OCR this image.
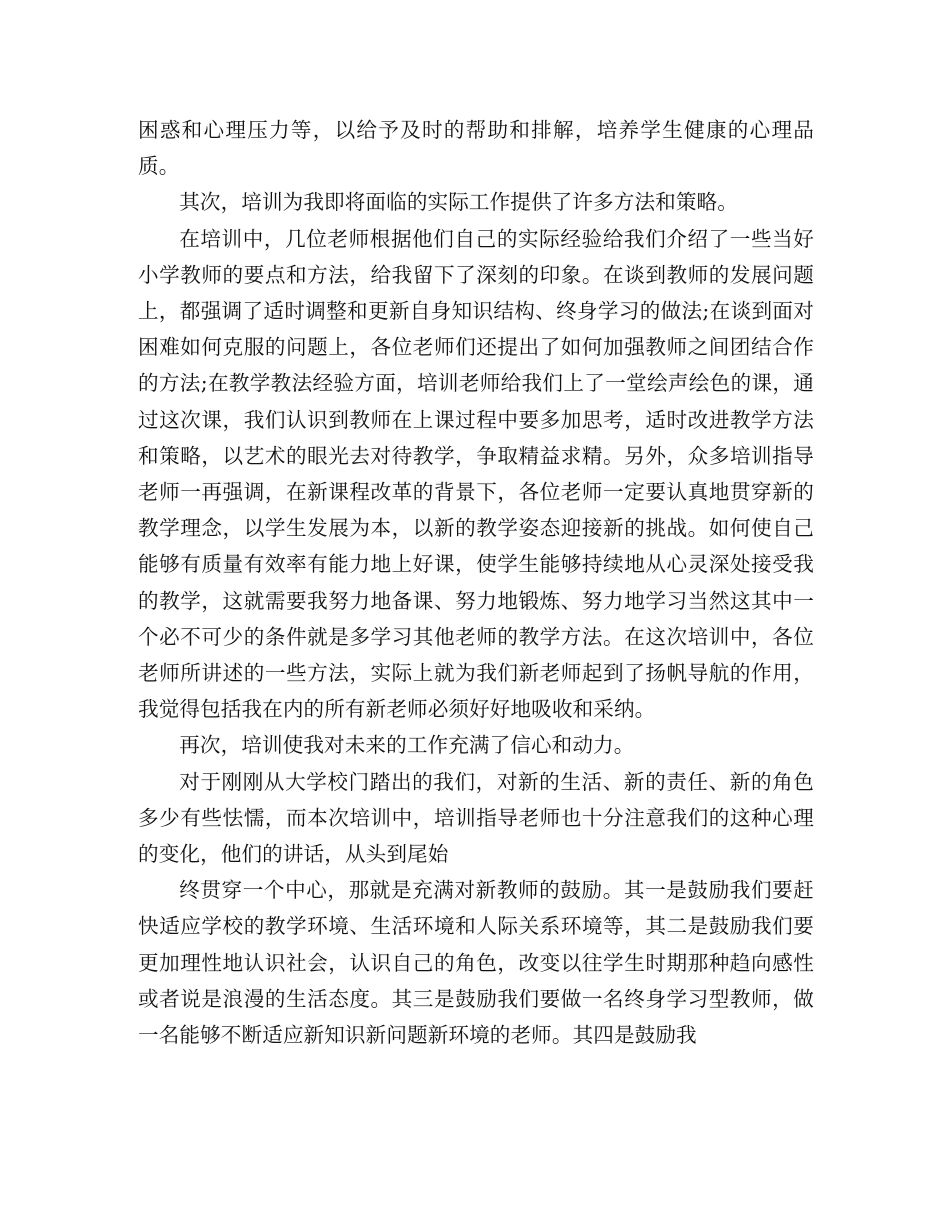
困惑和心理压力等，以给予及时的帮助和排解，培养学生健康的心理品质。

其次，培训为我即将面临的实际工作提供了许多方法和策略。

在培训中，几位老师根据他们自己的实际经验给我们介绍了一些当好小学教师的要点和方法，给我留下了深刻的印象。在谈到教师的发展问题上，都强调了适时调整和更新自身知识结构、终身学习的做法;在谈到面对困难如何克服的问题上，各位老师们还提出了如何加强教师之间团结合作的方法;在教学教法经验方面，培训老师给我们上了一堂绘声绘色的课，通过这次课，我们认识到教师在上课过程中要多加思考，适时改进教学方法和策略，以艺术的眼光去对待教学，争取精益求精。另外，众多培训指导老师一再强调，在新课程改革的背景下，各位老师一定要认真地贯穿新的教学理念，以学生发展为本，以新的教学姿态迎接新的挑战。如何使自己能够有质量有效率有能力地上好课，使学生能够持续地从心灵深处接受我的教学，这就需要我努力地备课、努力地锻炼、努力地学习当然这其中一个必不可少的条件就是多学习其他老师的教学方法。在这次培训中，各位老师所讲述的一些方法，实际上就为我们新老师起到了扬帆导航的作用，我觉得包括我在内的所有新老师必须好好地吸收和采纳。

再次，培训使我对未来的工作充满了信心和动力。

对于刚刚从大学校门踏出的我们，对新的生活、新的责任、新的角色多少有些怯懦，而本次培训中，培训指导老师也十分注意我们的这种心理的变化，他们的讲话，从头到尾始

终贯穿一个中心，那就是充满对新教师的鼓励。其一是鼓励我们要赶快适应学校的教学环境、生活环境和人际关系环境等，其二是鼓励我们要更加理性地认识社会，认识自己的角色，改变以往学生时期那种趋向感性或者说是浪漫的生活态度。其三是鼓励我们要做一名终身学习型教师，做一名能够不断适应新知识新问题新环境的老师。其四是鼓励我
